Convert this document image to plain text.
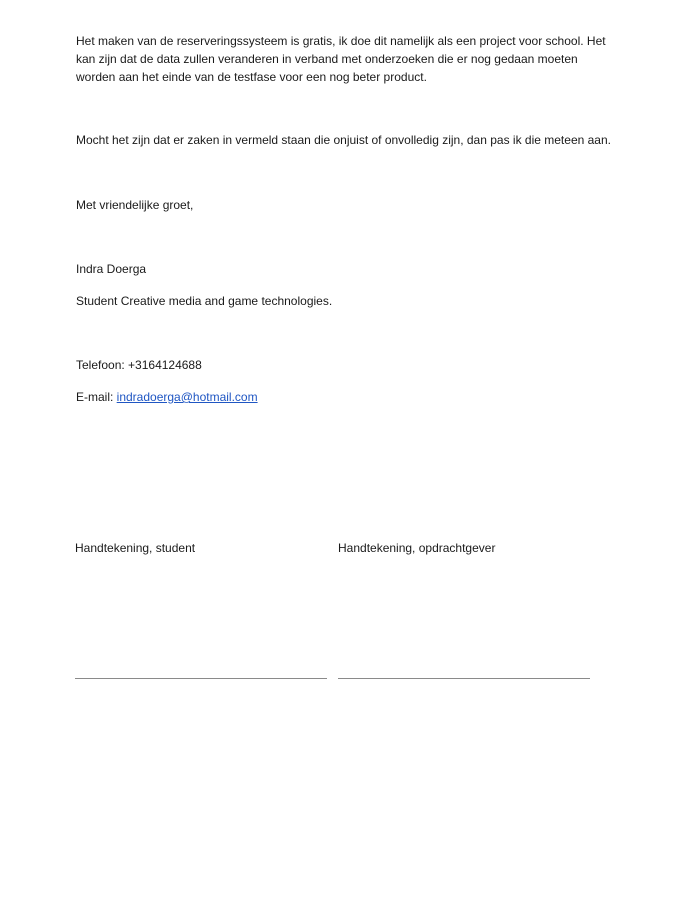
Het maken van de reserveringssysteem is gratis, ik doe dit namelijk als een project voor school. Het kan zijn dat de data zullen veranderen in verband met onderzoeken die er nog gedaan moeten worden aan het einde van de testfase voor een nog beter product.

Mocht het zijn dat er zaken in vermeld staan die onjuist of onvolledig zijn, dan pas ik die meteen aan.

Met vriendelijke groet,

Indra Doerga

Student Creative media and game technologies.

Telefoon: +3164124688

E-mail: indradoerga@hotmail.com

Handtekening, student	Handtekening, opdrachtgever
